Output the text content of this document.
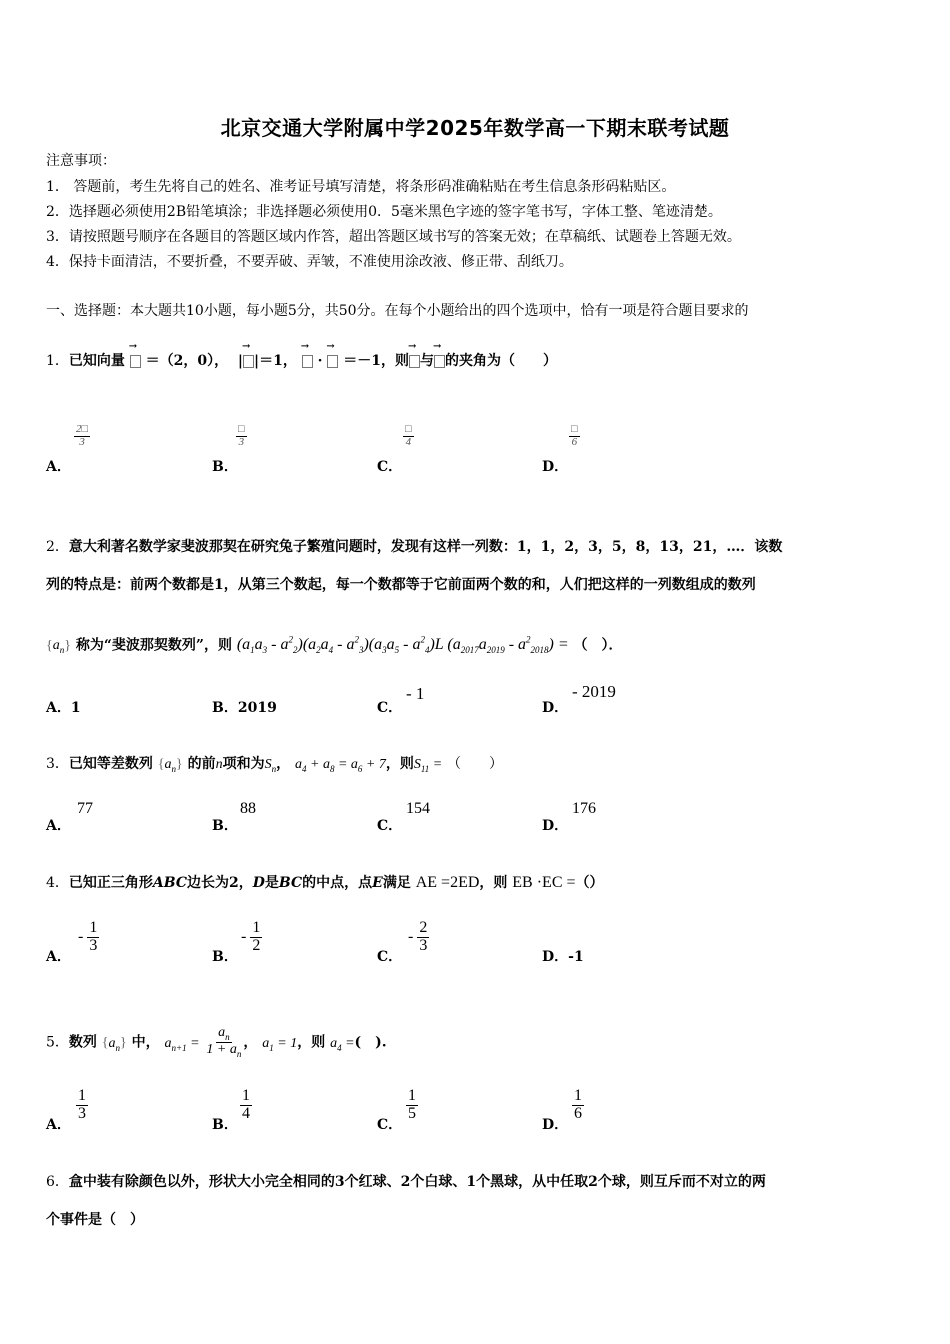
北京交通大学附属中学2025年数学高一下期末联考试题
注意事项：
1． 答题前，考生先将自己的姓名、准考证号填写清楚，将条形码准确粘贴在考生信息条形码粘贴区。
2．选择题必须使用2B铅笔填涂；非选择题必须使用0．5毫米黑色字迹的签字笔书写，字体工整、笔迹清楚。
3．请按照题号顺序在各题目的答题区域内作答，超出答题区域书写的答案无效；在草稿纸、试题卷上答题无效。
4．保持卡面清洁，不要折叠，不要弄破、弄皱，不准使用涂改液、修正带、刮纸刀。
一、选择题：本大题共10小题，每小题5分，共50分。在每个小题给出的四个选项中，恰有一项是符合题目要求的
1．已知向量 → ＝（2，0），  | → |＝1， →  · →  ＝－1，则 → 与 → 的夹角为（　　）
A．
$\frac{2□}{3}$
B．
$\frac{□}{3}$
C．
$\frac{□}{4}$
D．
$\frac{□}{6}$
2．意大利著名数学家斐波那契在研究兔子繁殖问题时，发现有这样一列数：1，1，2，3，5，8，13，21，…．该数
列的特点是：前两个数都是1，从第三个数起，每一个数都等于它前面两个数的和，人们把这样的一列数组成的数列
$\{a_n\}$ 称为“斐波那契数列”，则 $(a_1a_3 - a^2_2)(a_2a_4 - a^2_3)(a_3a_5 - a^2_4)L$ $(a_{2017}a_{2019} - a^2_{2018})$ = （　）．
A．1	B．2019	C．
- 1
D．
- 2019
3．已知等差数列 $\{a_n\}$ 的前n项和为$S_n$， $a_4 + a_8 = a_6 + 7$，则$S_{11}$ = （　　）
A．
77
B．
88
C．
154
D．
176
4．已知正三角形ABC边长为2，D是BC的中点，点E满足 AE =2ED，则 EB ·EC =（）
A．
- $\frac{1}{3}$
B．
- $\frac{1}{2}$
C．
- $\frac{2}{3}$
D．-1
5．数列 $\{a_n\}$ 中， $a_{n+1} = \frac{a_n}{1 + a_n}$ ， $a_1 = 1$，则 $a_4$ =(　).
A．
$\frac{1}{3}$
B．
$\frac{1}{4}$
C．
$\frac{1}{5}$
D．
$\frac{1}{6}$
6．盒中装有除颜色以外，形状大小完全相同的3个红球、2个白球、1个黑球，从中任取2个球，则互斥而不对立的两
个事件是（　）
